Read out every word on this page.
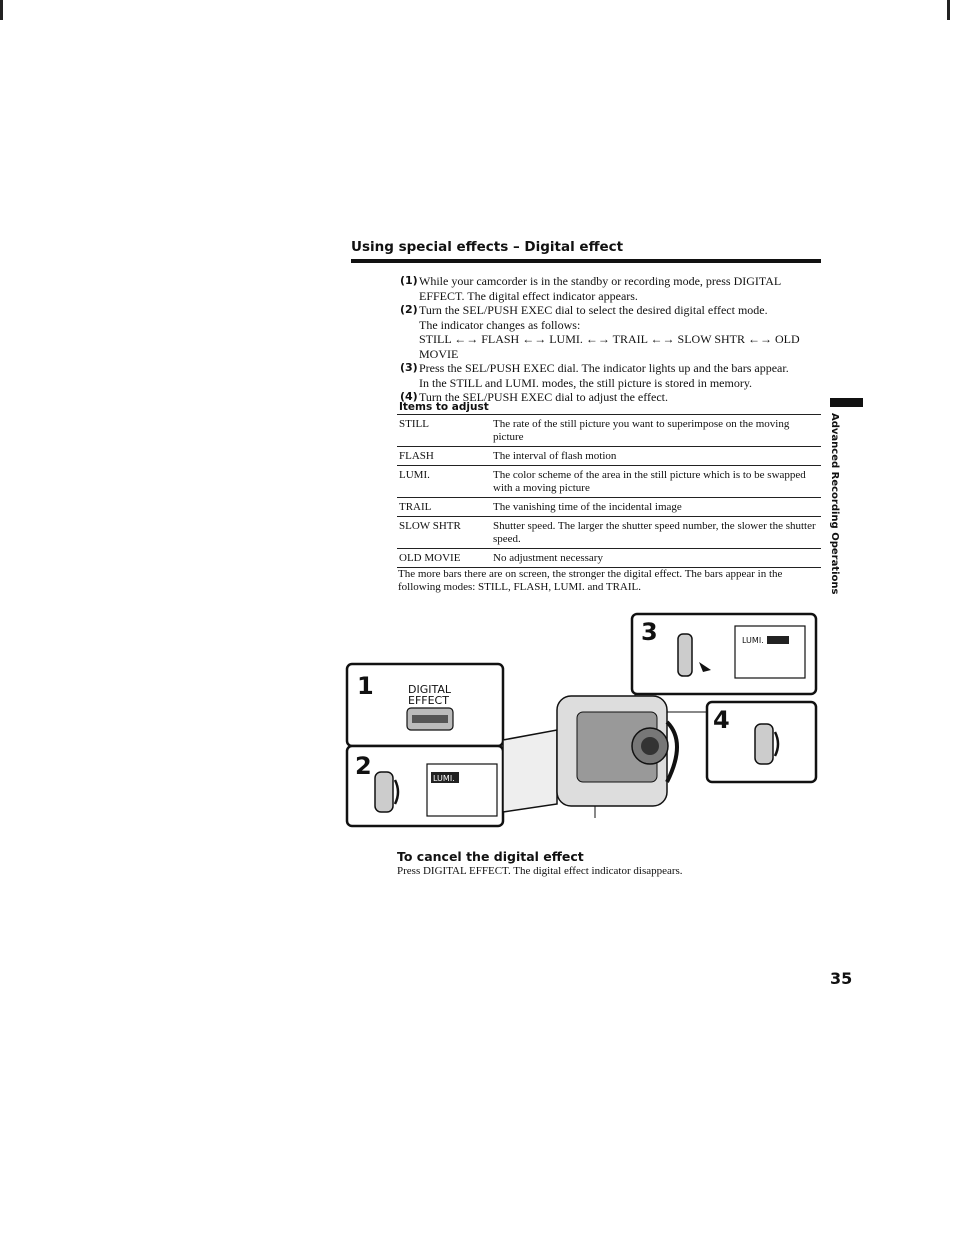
Using special effects – Digital effect
(1) While your camcorder is in the standby or recording mode, press DIGITAL
EFFECT. The digital effect indicator appears.
(2) Turn the SEL/PUSH EXEC dial to select the desired digital effect mode.
The indicator changes as follows:
STILL ←→ FLASH ←→ LUMI. ←→ TRAIL ←→ SLOW SHTR ←→ OLD MOVIE
(3) Press the SEL/PUSH EXEC dial. The indicator lights up and the bars appear.
In the STILL and LUMI. modes, the still picture is stored in memory.
(4) Turn the SEL/PUSH EXEC dial to adjust the effect.
Items to adjust
STILL	The rate of the still picture you want to superimpose on the moving picture
FLASH	The interval of flash motion
LUMI.	The color scheme of the area in the still picture which is to be swapped with a moving picture
TRAIL	The vanishing time of the incidental image
SLOW SHTR	Shutter speed. The larger the shutter speed number, the slower the shutter speed.
OLD MOVIE	No adjustment necessary
The more bars there are on screen, the stronger the digital effect. The bars appear in the following modes: STILL, FLASH, LUMI. and TRAIL.	Advanced Recording Operations
1	DIGITAL
EFFECT
2	LUMI.
3	LUMI.
4
To cancel the digital effect
Press DIGITAL EFFECT. The digital effect indicator disappears.
35
